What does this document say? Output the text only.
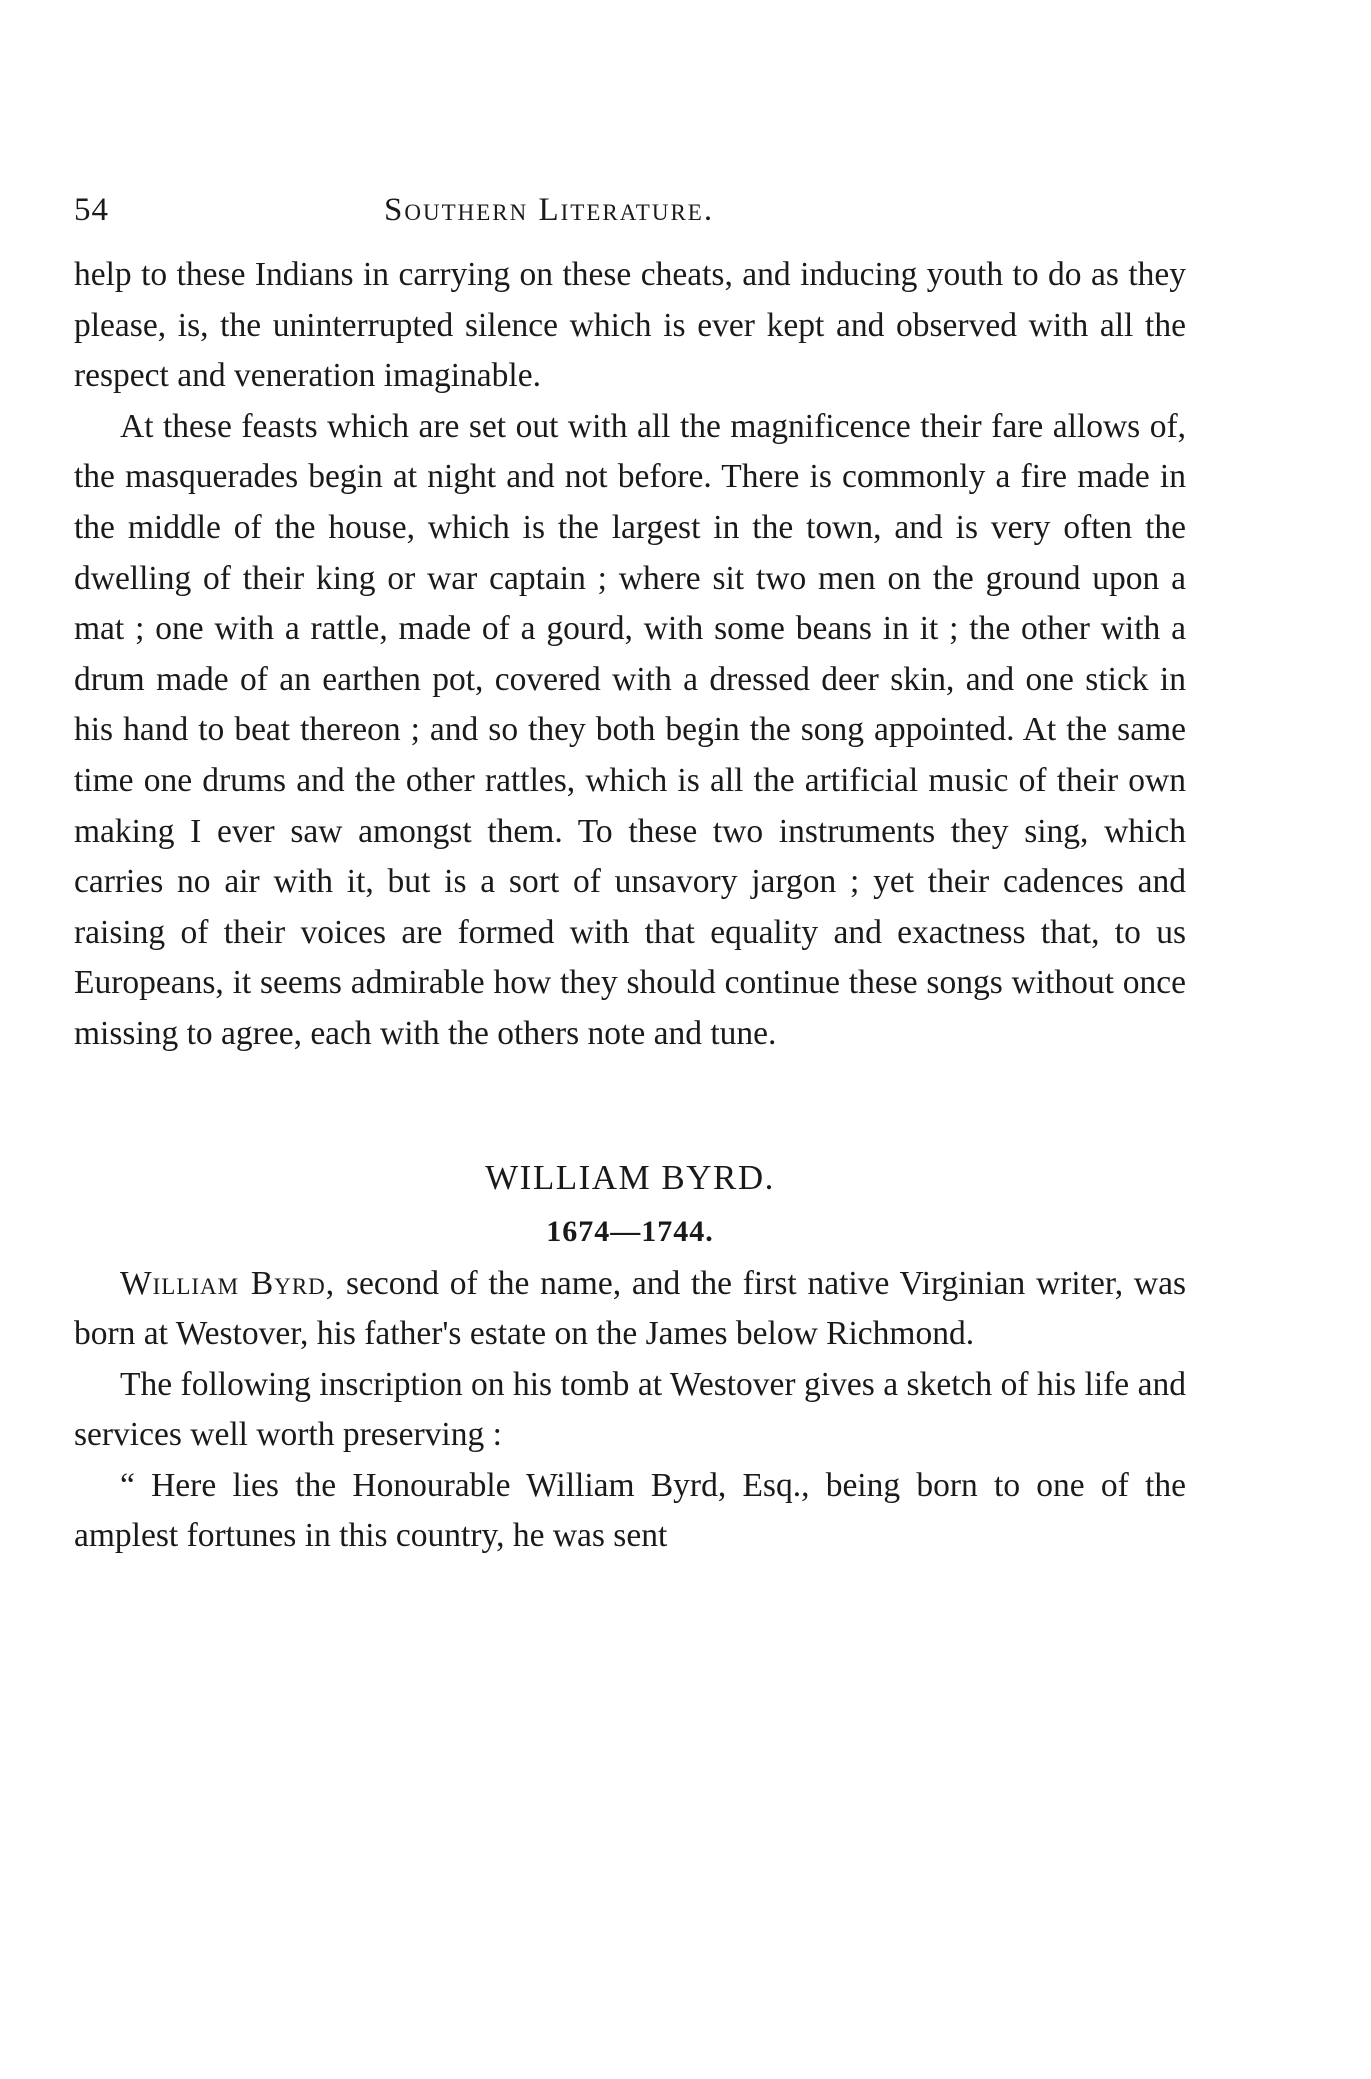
54	Southern Literature.

help to these Indians in carrying on these cheats, and inducing youth to do as they please, is, the uninterrupted silence which is ever kept and observed with all the respect and veneration imaginable.

At these feasts which are set out with all the magnificence their fare allows of, the masquerades begin at night and not before. There is commonly a fire made in the middle of the house, which is the largest in the town, and is very often the dwelling of their king or war captain ; where sit two men on the ground upon a mat ; one with a rattle, made of a gourd, with some beans in it ; the other with a drum made of an earthen pot, covered with a dressed deer skin, and one stick in his hand to beat thereon ; and so they both begin the song appointed. At the same time one drums and the other rattles, which is all the artificial music of their own making I ever saw amongst them. To these two instruments they sing, which carries no air with it, but is a sort of unsavory jargon ; yet their cadences and raising of their voices are formed with that equality and exactness that, to us Europeans, it seems admirable how they should continue these songs without once missing to agree, each with the others note and tune.

WILLIAM BYRD.
1674—1744.

William Byrd, second of the name, and the first native Virginian writer, was born at Westover, his father's estate on the James below Richmond.

The following inscription on his tomb at Westover gives a sketch of his life and services well worth preserving :

“ Here lies the Honourable William Byrd, Esq., being born to one of the amplest fortunes in this country, he was sent
